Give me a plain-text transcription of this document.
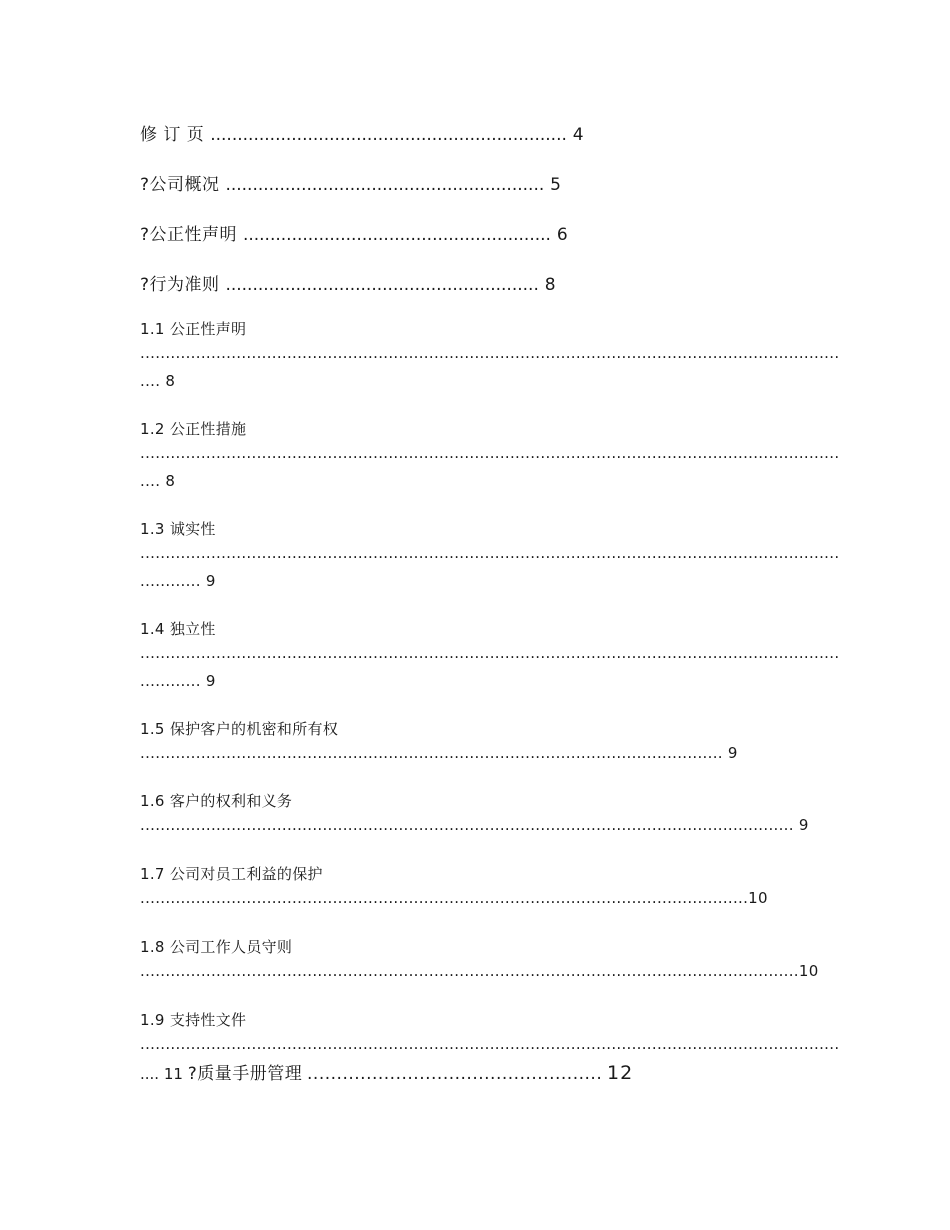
修 订 页 .................................................................. 4
?公司概况 ........................................................... 5
?公正性声明 ......................................................... 6
?行为准则 .......................................................... 8
1.1 公正性声明
..........................................................................................................................................
.... 8
1.2 公正性措施
..........................................................................................................................................
.... 8
1.3 诚实性
..........................................................................................................................................
............ 9
1.4 独立性
..........................................................................................................................................
............ 9
1.5 保护客户的机密和所有权
................................................................................................................... 9
1.6 客户的权利和义务
................................................................................................................................. 9
1.7 公司对员工利益的保护
........................................................................................................................10
1.8 公司工作人员守则
..................................................................................................................................10
1.9 支持性文件
..........................................................................................................................................
.... 11 ?质量手册管理 .................................................. 12
